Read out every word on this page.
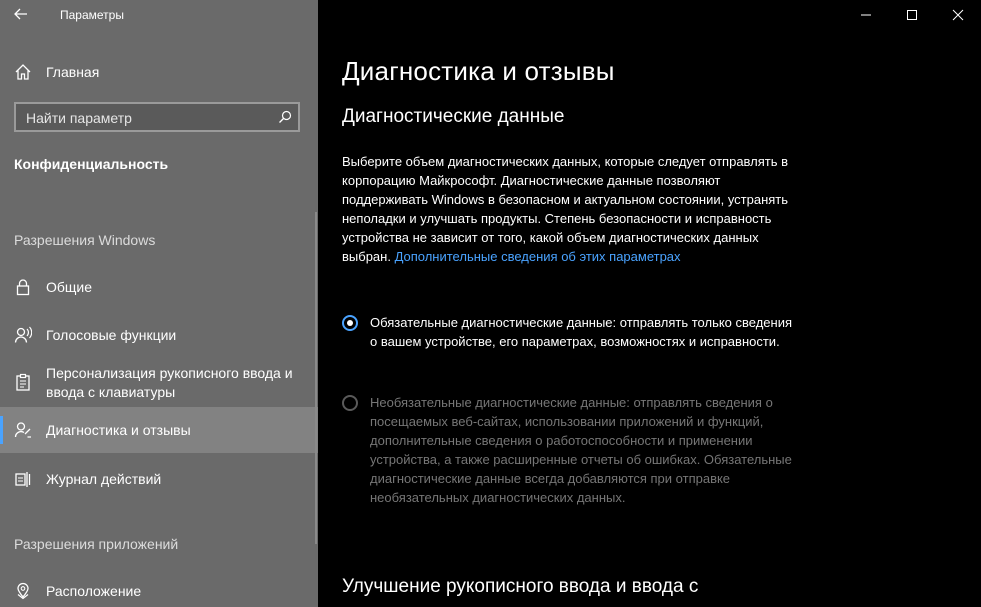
Параметры
Главная
Найти параметр
Конфиденциальность
Разрешения Windows
Общие
Голосовые функции
Персонализация рукописного ввода и ввода с клавиатуры
Диагностика и отзывы
Журнал действий
Разрешения приложений
Расположение
Диагностика и отзывы
Диагностические данные
Выберите объем диагностических данных, которые следует отправлять в корпорацию Майкрософт. Диагностические данные позволяют поддерживать Windows в безопасном и актуальном состоянии, устранять неполадки и улучшать продукты. Степень безопасности и исправность устройства не зависит от того, какой объем диагностических данных выбран. Дополнительные сведения об этих параметрах
Обязательные диагностические данные: отправлять только сведения о вашем устройстве, его параметрах, возможностях и исправности.
Необязательные диагностические данные: отправлять сведения о посещаемых веб-сайтах, использовании приложений и функций, дополнительные сведения о работоспособности и применении устройства, а также расширенные отчеты об ошибках. Обязательные диагностические данные всегда добавляются при отправке необязательных диагностических данных.
Улучшение рукописного ввода и ввода с
